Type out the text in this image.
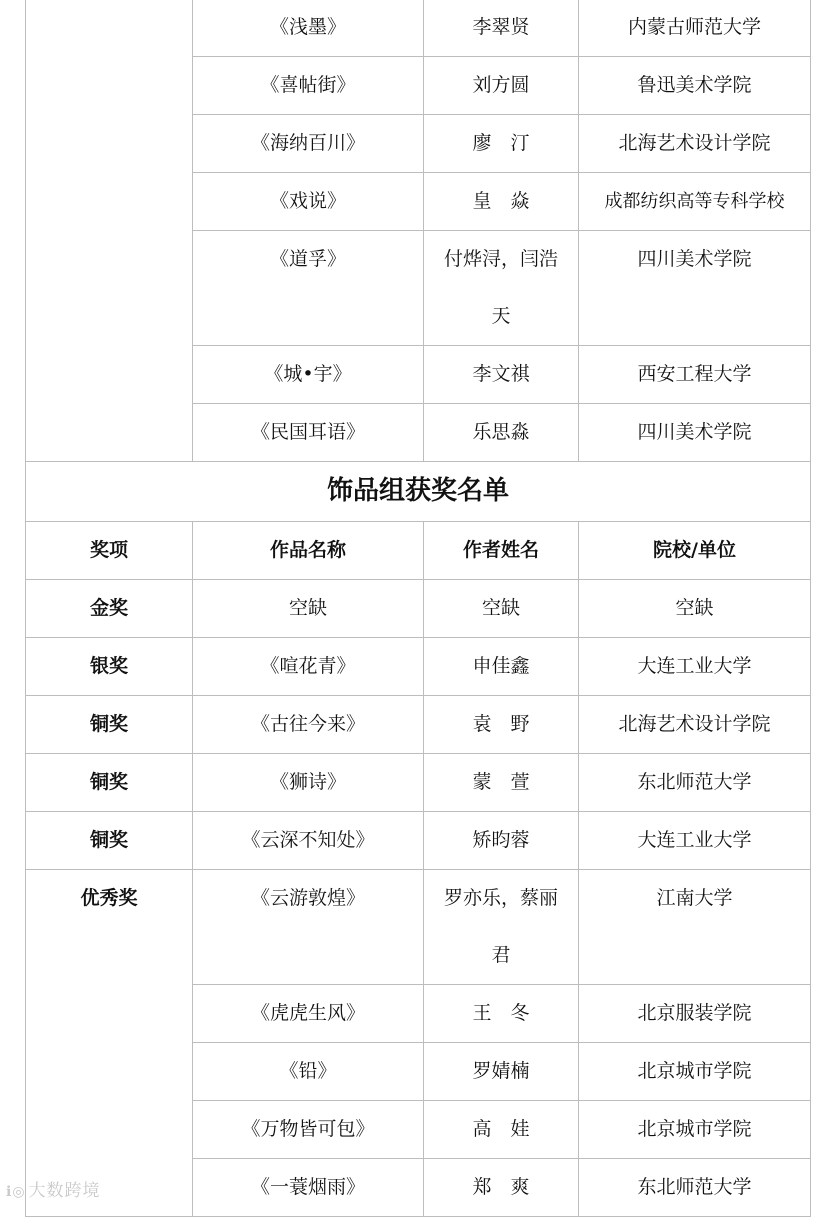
	《浅墨》	李翠贤	内蒙古师范大学
	《喜帖街》	刘方圆	鲁迅美术学院
	《海纳百川》	廖　汀	北海艺术设计学院
	《戏说》	皇　焱	成都纺织高等专科学校
	《道孚》	付烨浔，闫浩天	四川美术学院
	《城•宇》	李文祺	西安工程大学
	《民国耳语》	乐思淼	四川美术学院
饰品组获奖名单			
奖项	作品名称	作者姓名	院校/单位
金奖	空缺	空缺	空缺
银奖	《喧花青》	申佳鑫	大连工业大学
铜奖	《古往今来》	袁　野	北海艺术设计学院
铜奖	《狮诗》	蒙　萱	东北师范大学
铜奖	《云深不知处》	矫昀蓉	大连工业大学
优秀奖	《云游敦煌》	罗亦乐，蔡丽君	江南大学
	《虎虎生风》	王　冬	北京服装学院
	《铅》	罗婧楠	北京城市学院
	《万物皆可包》	高　娃	北京城市学院
	《一蓑烟雨》	郑　爽	东北师范大学
ℹ︎◎ 大数跨境
